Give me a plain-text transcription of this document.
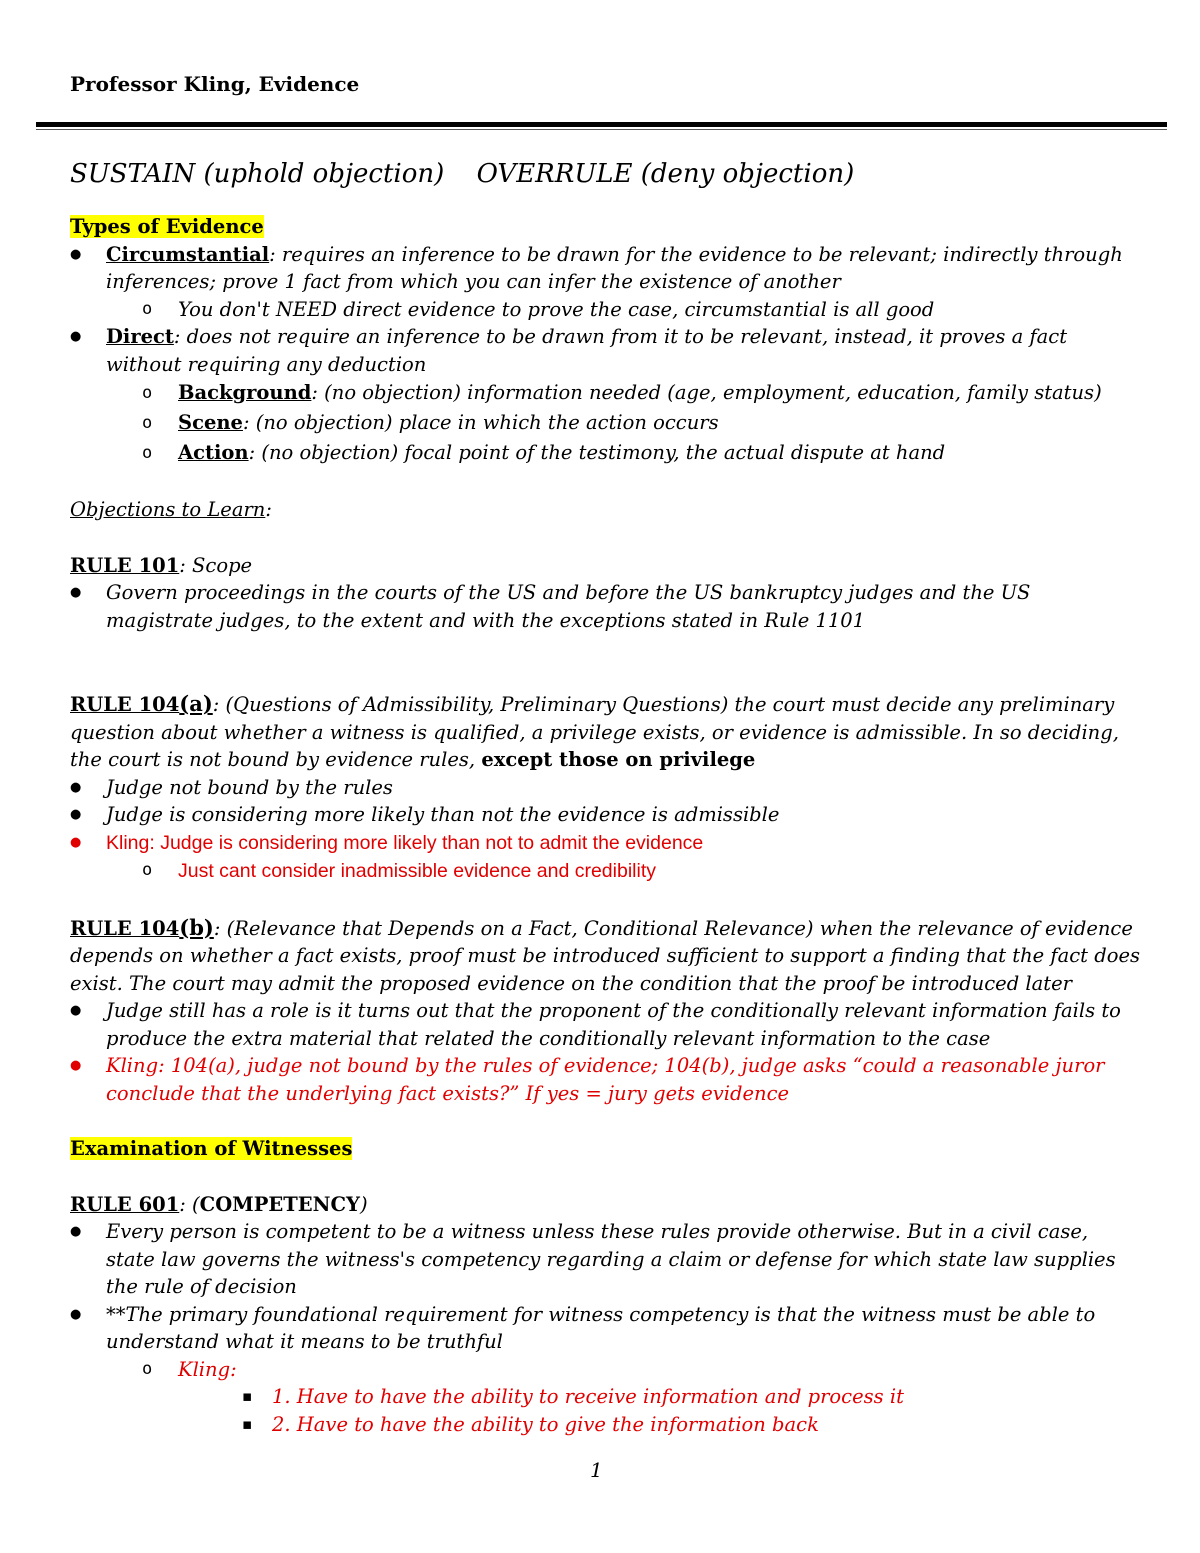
Professor Kling, Evidence
SUSTAIN (uphold objection) OVERRULE (deny objection)
Types of Evidence
● Circumstantial: requires an inference to be drawn for the evidence to be relevant; indirectly through inferences; prove 1 fact from which you can infer the existence of another
o You don't NEED direct evidence to prove the case, circumstantial is all good
● Direct: does not require an inference to be drawn from it to be relevant, instead, it proves a fact without requiring any deduction
o Background: (no objection) information needed (age, employment, education, family status)
o Scene: (no objection) place in which the action occurs
o Action: (no objection) focal point of the testimony, the actual dispute at hand
Objections to Learn:
RULE 101: Scope
● Govern proceedings in the courts of the US and before the US bankruptcy judges and the US magistrate judges, to the extent and with the exceptions stated in Rule 1101
RULE 104(a): (Questions of Admissibility, Preliminary Questions) the court must decide any preliminary question about whether a witness is qualified, a privilege exists, or evidence is admissible. In so deciding, the court is not bound by evidence rules, except those on privilege
● Judge not bound by the rules
● Judge is considering more likely than not the evidence is admissible
● Kling: Judge is considering more likely than not to admit the evidence
o Just cant consider inadmissible evidence and credibility
RULE 104(b): (Relevance that Depends on a Fact, Conditional Relevance) when the relevance of evidence depends on whether a fact exists, proof must be introduced sufficient to support a finding that the fact does exist. The court may admit the proposed evidence on the condition that the proof be introduced later
● Judge still has a role is it turns out that the proponent of the conditionally relevant information fails to produce the extra material that related the conditionally relevant information to the case
● Kling: 104(a), judge not bound by the rules of evidence; 104(b), judge asks “could a reasonable juror conclude that the underlying fact exists?” If yes = jury gets evidence
Examination of Witnesses
RULE 601: (COMPETENCY)
● Every person is competent to be a witness unless these rules provide otherwise. But in a civil case, state law governs the witness's competency regarding a claim or defense for which state law supplies the rule of decision
● **The primary foundational requirement for witness competency is that the witness must be able to understand what it means to be truthful
o Kling:
▪ 1. Have to have the ability to receive information and process it
▪ 2. Have to have the ability to give the information back
1
